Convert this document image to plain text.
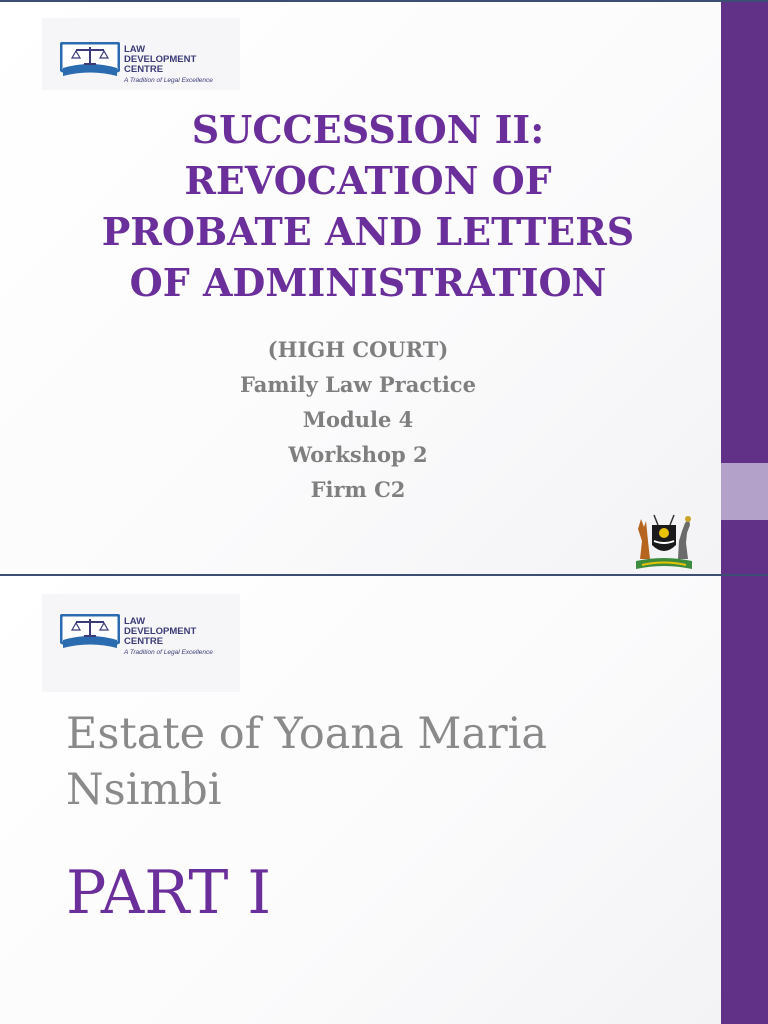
LAW
DEVELOPMENT
CENTRE
A Tradition of Legal Excellence
SUCCESSION II:
REVOCATION OF
PROBATE AND LETTERS
OF ADMINISTRATION
(HIGH COURT)
Family Law Practice
Module 4
Workshop 2
Firm C2
LAW
DEVELOPMENT
CENTRE
A Tradition of Legal Excellence
Estate of Yoana Maria
Nsimbi
PART I
